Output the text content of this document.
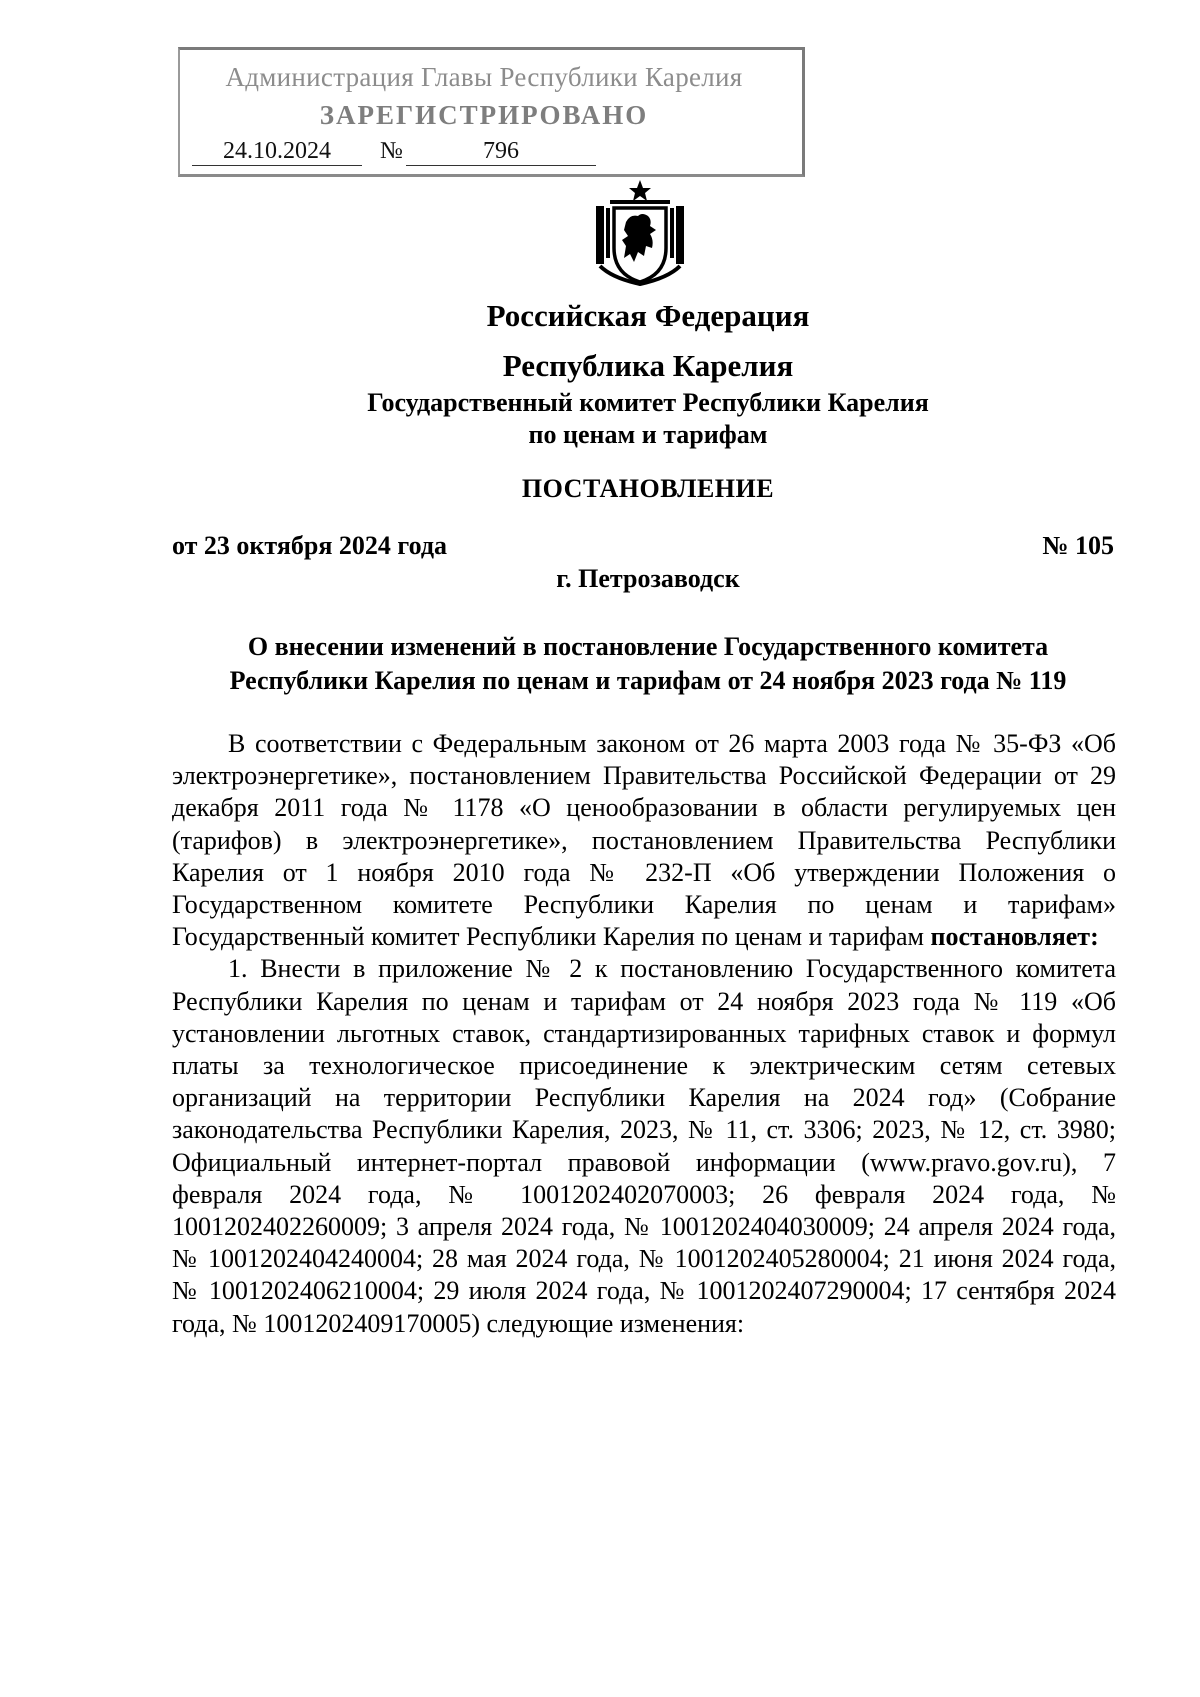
Администрация Главы Республики Карелия
ЗАРЕГИСТРИРОВАНО
24.10.2024	№	796
Российская Федерация
Республика Карелия
Государственный комитет Республики Карелия
по ценам и тарифам
ПОСТАНОВЛЕНИЕ
от 23 октября 2024 года	№ 105
г. Петрозаводск
О внесении изменений в постановление Государственного комитета
Республики Карелия по ценам и тарифам от 24 ноября 2023 года № 119

В соответствии с Федеральным законом от 26 марта 2003 года № 35-ФЗ «Об электроэнергетике», постановлением Правительства Российской Федерации от 29 декабря 2011 года № 1178 «О ценообразовании в области регулируемых цен (тарифов) в электроэнергетике», постановлением Правительства Республики Карелия от 1 ноября 2010 года № 232-П «Об утверждении Положения о Государственном комитете Республики Карелия по ценам и тарифам» Государственный комитет Республики Карелия по ценам и тарифам постановляет:

1. Внести в приложение № 2 к постановлению Государственного комитета Республики Карелия по ценам и тарифам от 24 ноября 2023 года № 119 «Об установлении льготных ставок, стандартизированных тарифных ставок и формул платы за технологическое присоединение к электрическим сетям сетевых организаций на территории Республики Карелия на 2024 год» (Собрание законодательства Республики Карелия, 2023, № 11, ст. 3306; 2023, № 12, ст. 3980; Официальный интернет-портал правовой информации (www.pravo.gov.ru), 7 февраля 2024 года, № 1001202402070003; 26 февраля 2024 года, № 1001202402260009; 3 апреля 2024 года, № 1001202404030009; 24 апреля 2024 года, № 1001202404240004; 28 мая 2024 года, № 1001202405280004; 21 июня 2024 года, № 1001202406210004; 29 июля 2024 года, № 1001202407290004; 17 сентября 2024 года, № 1001202409170005) следующие изменения:
